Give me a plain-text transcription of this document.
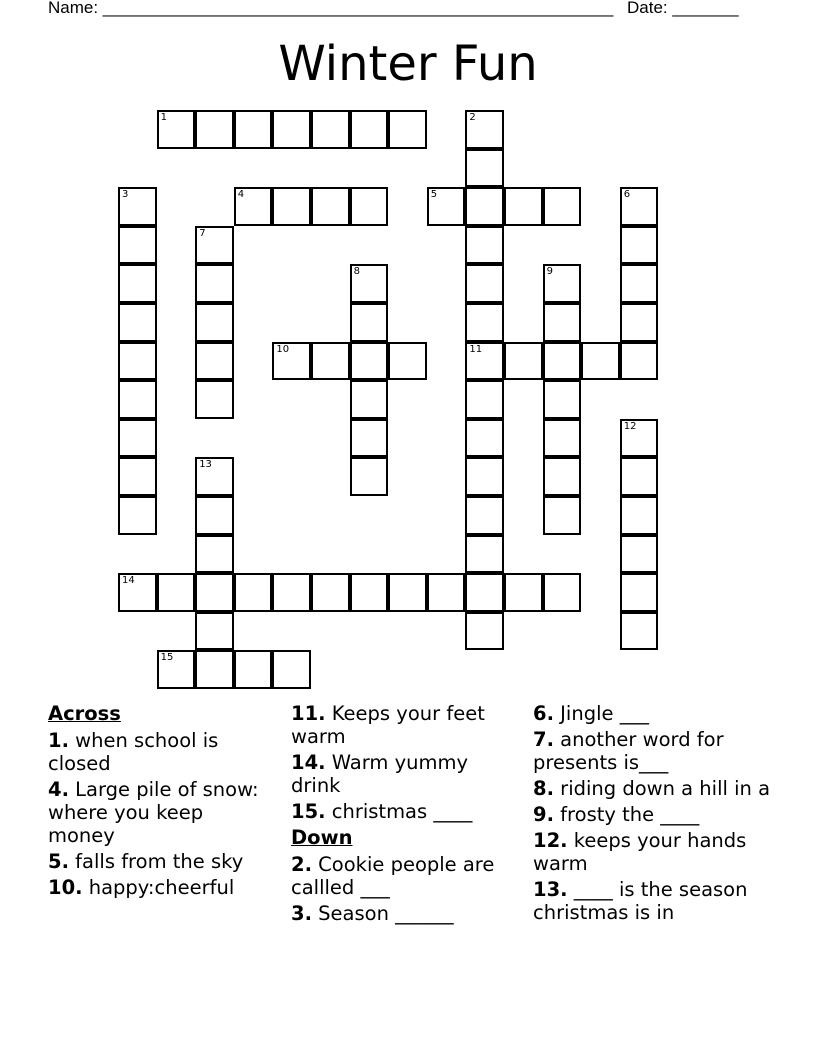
Name: ______________________________________________________ Date: _______
Winter Fun
1	2
11
3	4	5	6
7
8	9
10
12
13
14
15
Across
1. when school is closed
4. Large pile of snow: where you keep money
5. falls from the sky
10. happy:cheerful
11. Keeps your feet warm
14. Warm yummy drink
15. christmas ____
Down
2. Cookie people are callled ___
3. Season ______
6. Jingle ___
7. another word for presents is___
8. riding down a hill in a
9. frosty the ____
12. keeps your hands warm
13. ____ is the season christmas is in
